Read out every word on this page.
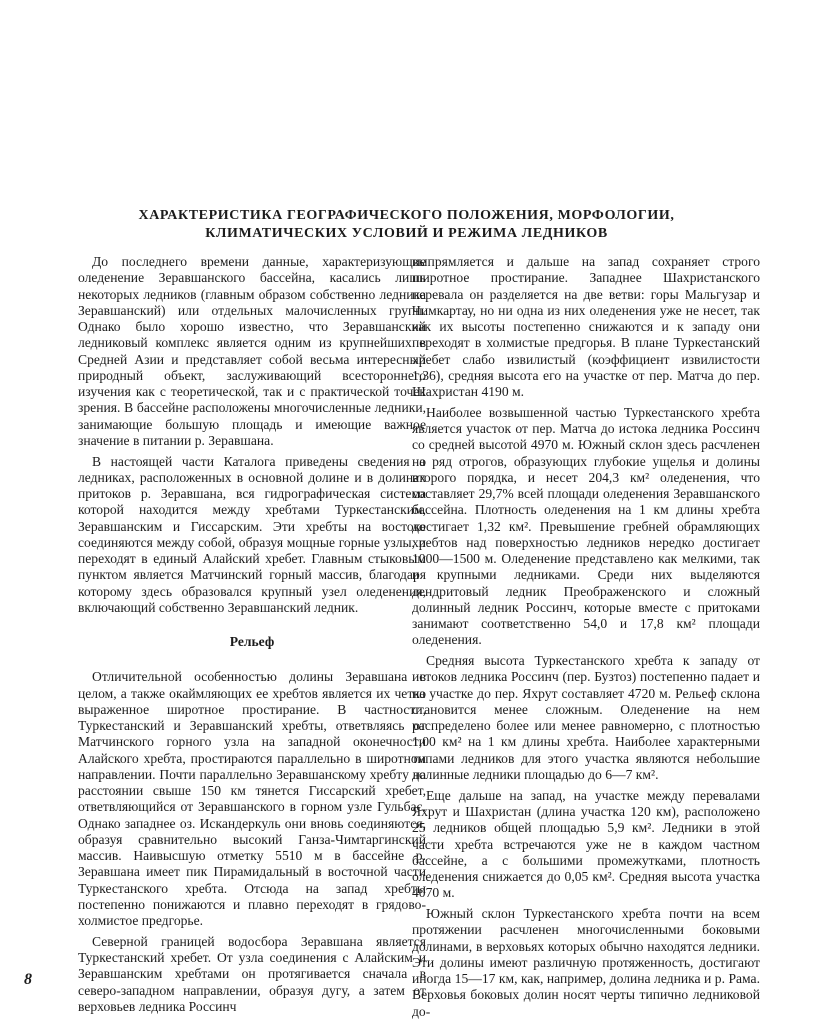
ХАРАКТЕРИСТИКА ГЕОГРАФИЧЕСКОГО ПОЛОЖЕНИЯ, МОРФОЛОГИИ,
КЛИМАТИЧЕСКИХ УСЛОВИЙ И РЕЖИМА ЛЕДНИКОВ

До последнего времени данные, характеризующие оледенение Зеравшанского бассейна, касались лишь некоторых ледников (главным образом собственно ледника Зеравшанский) или отдельных малочисленных групп. Однако было хорошо известно, что Зеравшанский ледниковый комплекс является одним из крупнейших в Средней Азии и представляет собой весьма интересный природный объект, заслуживающий всестороннего изучения как с теоретической, так и с практической точек зрения. В бассейне расположены многочисленные ледники, занимающие большую площадь и имеющие важное значение в питании р. Зеравшана.

В настоящей части Каталога приведены сведения о ледниках, расположенных в основной долине и в долинах притоков р. Зеравшана, вся гидрографическая система которой находится между хребтами Туркестанским, Зеравшанским и Гиссарским. Эти хребты на востоке соединяются между собой, образуя мощные горные узлы, и переходят в единый Алайский хребет. Главным стыковым пунктом является Матчинский горный массив, благодаря которому здесь образовался крупный узел оледенения, включающий собственно Зеравшанский ледник.

Рельеф

Отличительной особенностью долины Зеравшана в целом, а также окаймляющих ее хребтов является их четко выраженное широтное простирание. В частности, Туркестанский и Зеравшанский хребты, ответвляясь от Матчинского горного узла на западной оконечности Алайского хребта, простираются параллельно в широтном направлении. Почти параллельно Зеравшанскому хребту на расстоянии свыше 150 км тянется Гиссарский хребет, ответвляющийся от Зеравшанского в горном узле Гульбас. Однако западнее оз. Искандеркуль они вновь соединяются, образуя сравнительно высокий Ганза-Чимтаргинский массив. Наивысшую отметку 5510 м в бассейне р. Зеравшана имеет пик Пирамидальный в восточной части Туркестанского хребта. Отсюда на запад хребты постепенно понижаются и плавно переходят в грядово-холмистое предгорье.

Северной границей водосбора Зеравшана является Туркестанский хребет. От узла соединения с Алайским и Зеравшанским хребтами он протягивается сначала в северо-западном направлении, образуя дугу, а затем от верховьев ледника Россинч

выпрямляется и дальше на запад сохраняет строго широтное простирание. Западнее Шахристанского перевала он разделяется на две ветви: горы Мальгузар и Чимкартау, но ни одна из них оледенения уже не несет, так как их высоты постепенно снижаются и к западу они переходят в холмистые предгорья. В плане Туркестанский хребет слабо извилистый (коэффициент извилистости 1,36), средняя высота его на участке от пер. Матча до пер. Шахристан 4190 м.

Наиболее возвышенной частью Туркестанского хребта является участок от пер. Матча до истока ледника Россинч со средней высотой 4970 м. Южный склон здесь расчленен на ряд отрогов, образующих глубокие ущелья и долины второго порядка, и несет 204,3 км² оледенения, что составляет 29,7% всей площади оледенения Зеравшанского бассейна. Плотность оледенения на 1 км длины хребта достигает 1,32 км². Превышение гребней обрамляющих хребтов над поверхностью ледников нередко достигает 1000—1500 м. Оледенение представлено как мелкими, так и крупными ледниками. Среди них выделяются дендритовый ледник Преображенского и сложный долинный ледник Россинч, которые вместе с притоками занимают соответственно 54,0 и 17,8 км² площади оледенения.

Средняя высота Туркестанского хребта к западу от истоков ледника Россинч (пер. Бузтоз) постепенно падает и на участке до пер. Яхрут составляет 4720 м. Рельеф склона становится менее сложным. Оледенение на нем распределено более или менее равномерно, с плотностью 1,00 км² на 1 км длины хребта. Наиболее характерными типами ледников для этого участка являются небольшие долинные ледники площадью до 6—7 км².

Еще дальше на запад, на участке между перевалами Яхрут и Шахристан (длина участка 120 км), расположено 25 ледников общей площадью 5,9 км². Ледники в этой части хребта встречаются уже не в каждом частном бассейне, а с большими промежутками, плотность оледенения снижается до 0,05 км². Средняя высота участка 4070 м.

Южный склон Туркестанского хребта почти на всем протяжении расчленен многочисленными боковыми долинами, в верховьях которых обычно находятся ледники. Эти долины имеют различную протяженность, достигают иногда 15—17 км, как, например, долина ледника и р. Рама. Верховья боковых долин носят черты типично ледниковой до-

8
